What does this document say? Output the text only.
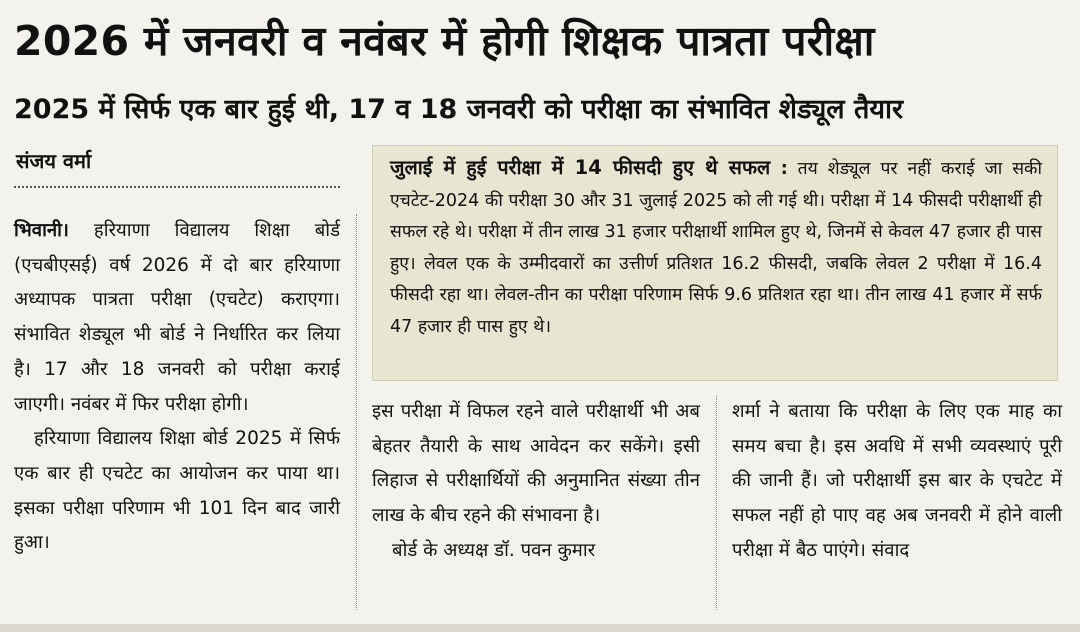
2026 में जनवरी व नवंबर में होगी शिक्षक पात्रता परीक्षा
2025 में सिर्फ एक बार हुई थी, 17 व 18 जनवरी को परीक्षा का संभावित शेड्यूल तैयार
संजय वर्मा

भिवानी। हरियाणा विद्यालय शिक्षा बोर्ड (एचबीएसई) वर्ष 2026 में दो बार हरियाणा अध्यापक पात्रता परीक्षा (एचटेट) कराएगा। संभावित शेड्यूल भी बोर्ड ने निर्धारित कर लिया है। 17 और 18 जनवरी को परीक्षा कराई जाएगी। नवंबर में फिर परीक्षा होगी।

हरियाणा विद्यालय शिक्षा बोर्ड 2025 में सिर्फ एक बार ही एचटेट का आयोजन कर पाया था। इसका परीक्षा परिणाम भी 101 दिन बाद जारी हुआ।

जुलाई में हुई परीक्षा में 14 फीसदी हुए थे सफल : तय शेड्यूल पर नहीं कराई जा सकी एचटेट-2024 की परीक्षा 30 और 31 जुलाई 2025 को ली गई थी। परीक्षा में 14 फीसदी परीक्षार्थी ही सफल रहे थे। परीक्षा में तीन लाख 31 हजार परीक्षार्थी शामिल हुए थे, जिनमें से केवल 47 हजार ही पास हुए। लेवल एक के उम्मीदवारों का उत्तीर्ण प्रतिशत 16.2 फीसदी, जबकि लेवल 2 परीक्षा में 16.4 फीसदी रहा था। लेवल-तीन का परीक्षा परिणाम सिर्फ 9.6 प्रतिशत रहा था। तीन लाख 41 हजार में सर्फ 47 हजार ही पास हुए थे।

इस परीक्षा में विफल रहने वाले परीक्षार्थी भी अब बेहतर तैयारी के साथ आवेदन कर सकेंगे। इसी लिहाज से परीक्षार्थियों की अनुमानित संख्या तीन लाख के बीच रहने की संभावना है।

बोर्ड के अध्यक्ष डॉ. पवन कुमार

शर्मा ने बताया कि परीक्षा के लिए एक माह का समय बचा है। इस अवधि में सभी व्यवस्थाएं पूरी की जानी हैं। जो परीक्षार्थी इस बार के एचटेट में सफल नहीं हो पाए वह अब जनवरी में होने वाली परीक्षा में बैठ पाएंगे। संवाद
